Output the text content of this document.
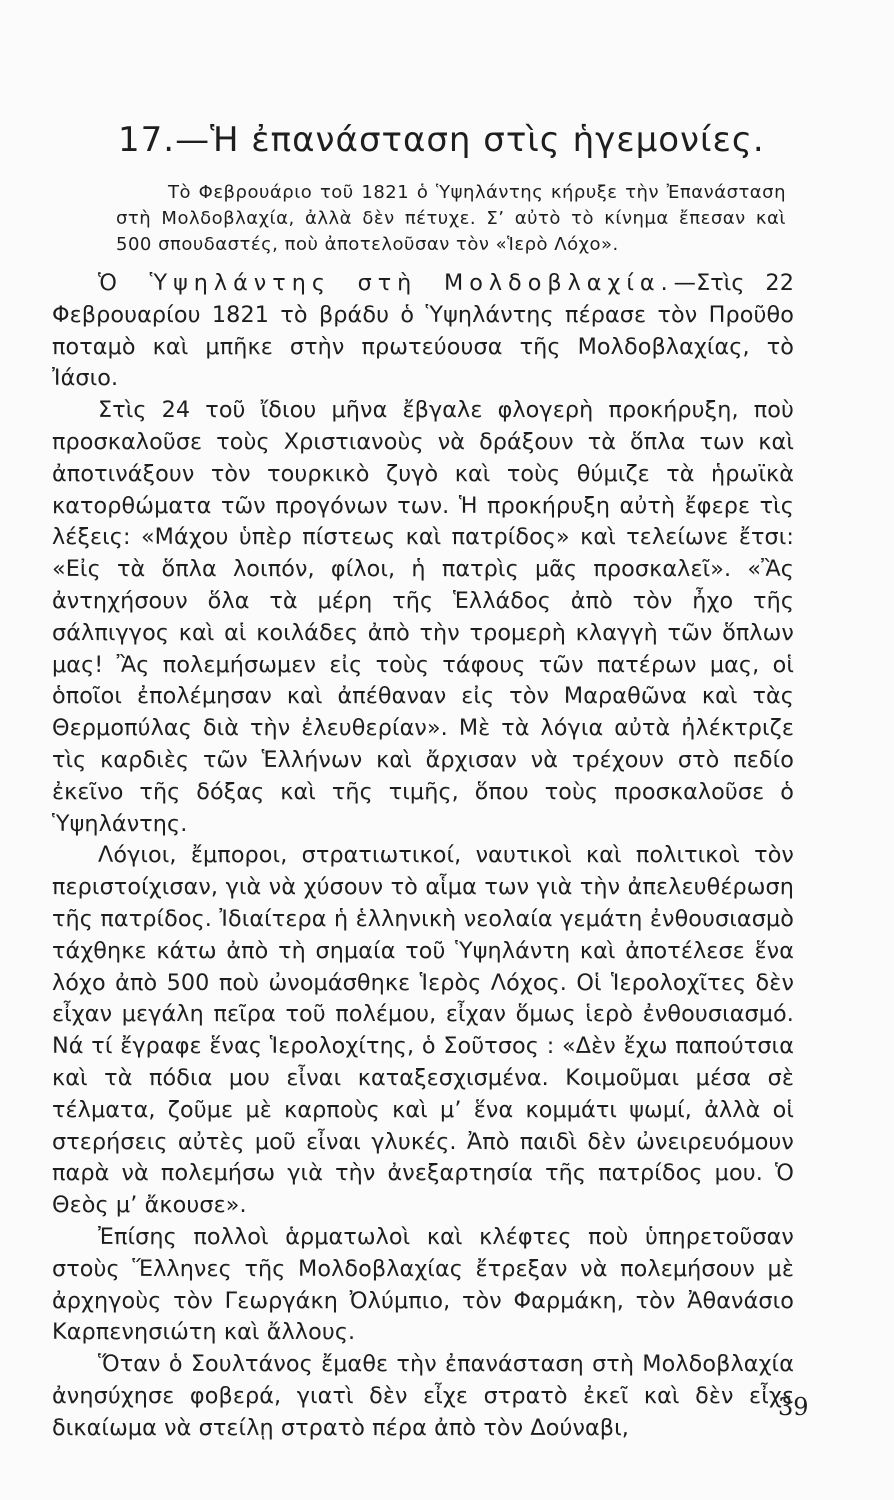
17.—Ἡ ἐπανάσταση στὶς ἡγεμονίες.

Τὸ Φεβρουάριο τοῦ 1821 ὁ Ὑψηλάντης κήρυξε τὴν Ἐπανάσταση στὴ Μολδοβλαχία, ἀλλὰ δὲν πέτυχε. Σ’ αὐτὸ τὸ κίνημα ἔπεσαν καὶ 500 σπουδαστές, ποὺ ἀποτελοῦσαν τὸν «Ἱερὸ Λόχο».

Ὁ Ὑψηλάντης στὴ Μολδοβλαχία.—Στὶς 22 Φεβρουαρίου 1821 τὸ βράδυ ὁ Ὑψηλάντης πέρασε τὸν Προῦθο ποταμὸ καὶ μπῆκε στὴν πρωτεύουσα τῆς Μολδοβλαχίας, τὸ Ἰάσιο.

Στὶς 24 τοῦ ἴδιου μῆνα ἔβγαλε φλογερὴ προκήρυξη, ποὺ προσκαλοῦσε τοὺς Χριστιανοὺς νὰ δράξουν τὰ ὅπλα των καὶ ἀποτινάξουν τὸν τουρκικὸ ζυγὸ καὶ τοὺς θύμιζε τὰ ἡρωϊκὰ κατορθώματα τῶν προγόνων των. Ἡ προκήρυξη αὐτὴ ἔφερε τὶς λέξεις: «Μάχου ὑπὲρ πίστεως καὶ πατρίδος» καὶ τελείωνε ἔτσι: «Εἰς τὰ ὅπλα λοιπόν, φίλοι, ἡ πατρὶς μᾶς προσκαλεῖ». «Ἂς ἀντηχήσουν ὅλα τὰ μέρη τῆς Ἑλλάδος ἀπὸ τὸν ἦχο τῆς σάλπιγγος καὶ αἱ κοιλάδες ἀπὸ τὴν τρομερὴ κλαγγὴ τῶν ὅπλων μας! Ἂς πολεμήσωμεν εἰς τοὺς τάφους τῶν πατέρων μας, οἱ ὁποῖοι ἐπολέμησαν καὶ ἀπέθαναν εἰς τὸν Μαραθῶνα καὶ τὰς Θερμοπύλας διὰ τὴν ἐλευθερίαν». Μὲ τὰ λόγια αὐτὰ ἠλέκτριζε τὶς καρδιὲς τῶν Ἑλλήνων καὶ ἄρχισαν νὰ τρέχουν στὸ πεδίο ἐκεῖνο τῆς δόξας καὶ τῆς τιμῆς, ὅπου τοὺς προσκαλοῦσε ὁ Ὑψηλάντης.

Λόγιοι, ἔμποροι, στρατιωτικοί, ναυτικοὶ καὶ πολιτικοὶ τὸν περιστοίχισαν, γιὰ νὰ χύσουν τὸ αἷμα των γιὰ τὴν ἀπελευθέρωση τῆς πατρίδος. Ἰδιαίτερα ἡ ἑλληνικὴ νεολαία γεμάτη ἐνθουσιασμὸ τάχθηκε κάτω ἀπὸ τὴ σημαία τοῦ Ὑψηλάντη καὶ ἀποτέλεσε ἕνα λόχο ἀπὸ 500 ποὺ ὠνομάσθηκε Ἱερὸς Λόχος. Οἱ Ἱερολοχῖτες δὲν εἶχαν μεγάλη πεῖρα τοῦ πολέμου, εἶχαν ὅμως ἱερὸ ἐνθουσιασμό. Νά τί ἔγραφε ἕνας Ἱερολοχίτης, ὁ Σοῦτσος : «Δὲν ἔχω παπούτσια καὶ τὰ πόδια μου εἶναι καταξεσχισμένα. Κοιμοῦμαι μέσα σὲ τέλματα, ζοῦμε μὲ καρποὺς καὶ μ’ ἕνα κομμάτι ψωμί, ἀλλὰ οἱ στερήσεις αὐτὲς μοῦ εἶναι γλυκές. Ἀπὸ παιδὶ δὲν ὠνειρευόμουν παρὰ νὰ πολεμήσω γιὰ τὴν ἀνεξαρτησία τῆς πατρίδος μου. Ὁ Θεὸς μ’ ἄκουσε».

Ἐπίσης πολλοὶ ἁρματωλοὶ καὶ κλέφτες ποὺ ὑπηρετοῦσαν στοὺς Ἕλληνες τῆς Μολδοβλαχίας ἔτρεξαν νὰ πολεμήσουν μὲ ἀρχηγοὺς τὸν Γεωργάκη Ὀλύμπιο, τὸν Φαρμάκη, τὸν Ἀθανάσιο Καρπενησιώτη καὶ ἄλλους.

Ὅταν ὁ Σουλτάνος ἔμαθε τὴν ἐπανάσταση στὴ Μολδοβλαχία ἀνησύχησε φοβερά, γιατὶ δὲν εἶχε στρατὸ ἐκεῖ καὶ δὲν εἶχε δικαίωμα νὰ στείλῃ στρατὸ πέρα ἀπὸ τὸν Δούναβι,

39
